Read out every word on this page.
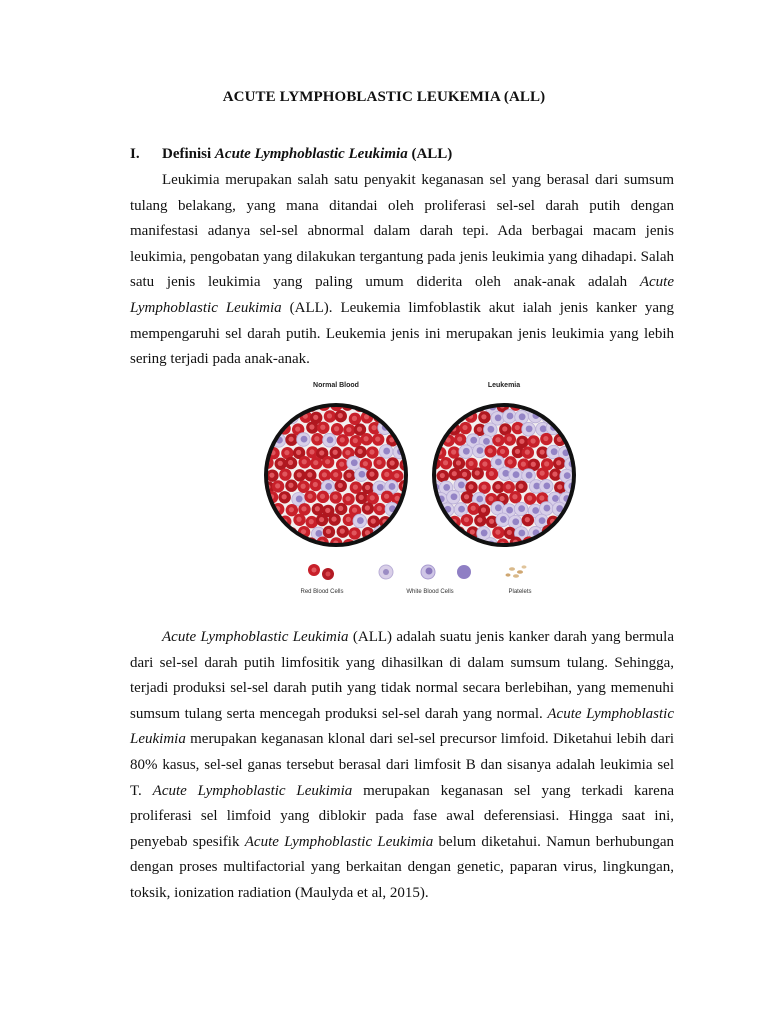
ACUTE LYMPHOBLASTIC LEUKEMIA (ALL)
I. Definisi Acute Lymphoblastic Leukimia (ALL)

Leukimia merupakan salah satu penyakit keganasan sel yang berasal dari sumsum tulang belakang, yang mana ditandai oleh proliferasi sel-sel darah putih dengan manifestasi adanya sel-sel abnormal dalam darah tepi. Ada berbagai macam jenis leukimia, pengobatan yang dilakukan tergantung pada jenis leukimia yang dihadapi. Salah satu jenis leukimia yang paling umum diderita oleh anak-anak adalah Acute Lymphoblastic Leukimia (ALL). Leukemia limfoblastik akut ialah jenis kanker yang mempengaruhi sel darah putih. Leukemia jenis ini merupakan jenis leukimia yang lebih sering terjadi pada anak-anak.

Normal Blood	Leukemia
Red Blood Cells	White Blood Cells	Platelets

Acute Lymphoblastic Leukimia (ALL) adalah suatu jenis kanker darah yang bermula dari sel-sel darah putih limfositik yang dihasilkan di dalam sumsum tulang. Sehingga, terjadi produksi sel-sel darah putih yang tidak normal secara berlebihan, yang memenuhi sumsum tulang serta mencegah produksi sel-sel darah yang normal. Acute Lymphoblastic Leukimia merupakan keganasan klonal dari sel-sel precursor limfoid. Diketahui lebih dari 80% kasus, sel-sel ganas tersebut berasal dari limfosit B dan sisanya adalah leukimia sel T. Acute Lymphoblastic Leukimia merupakan keganasan sel yang terkadi karena proliferasi sel limfoid yang diblokir pada fase awal deferensiasi. Hingga saat ini, penyebab spesifik Acute Lymphoblastic Leukimia belum diketahui. Namun berhubungan dengan proses multifactorial yang berkaitan dengan genetic, paparan virus, lingkungan, toksik, ionization radiation (Maulyda et al, 2015).
